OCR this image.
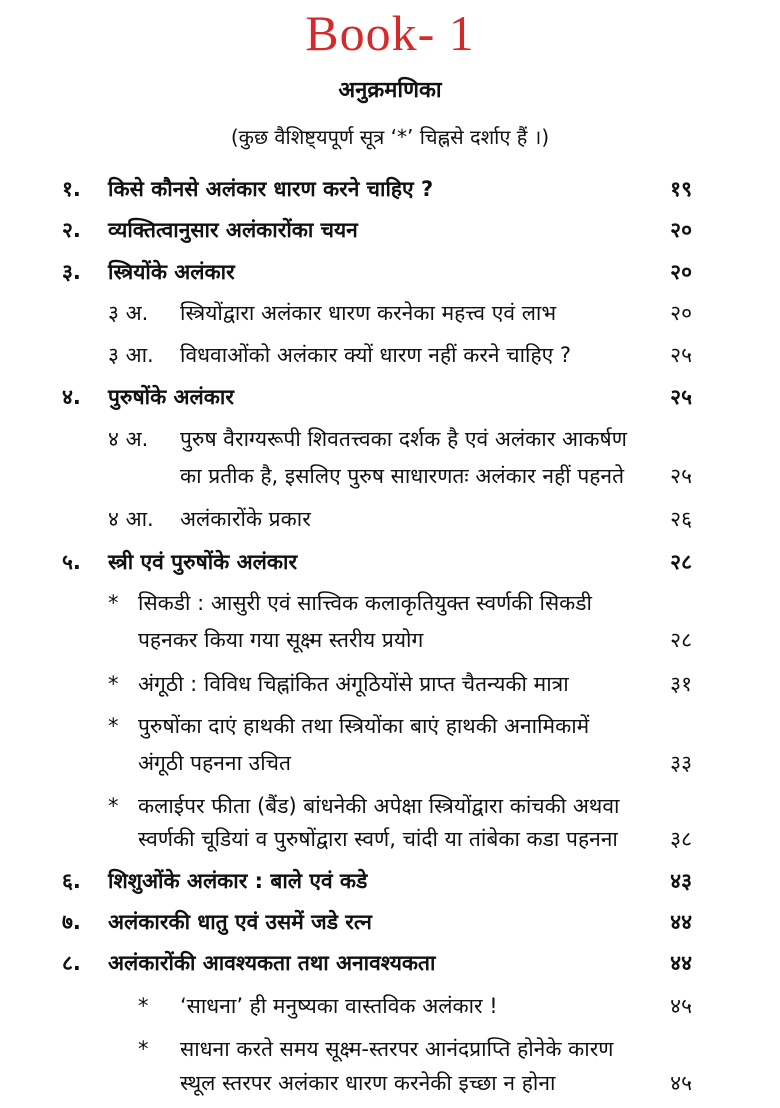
Book- 1
अनुक्रमणिका
(कुछ वैशिष्ट्यपूर्ण सूत्र ‘*’ चिह्नसे दर्शाए हैं ।)
१. किसे कौनसे अलंकार धारण करने चाहिए ?	१९
२. व्यक्तित्वानुसार अलंकारोंका चयन	२०
३. स्त्रियोंके अलंकार	२०
३ अ. स्त्रियोंद्वारा अलंकार धारण करनेका महत्त्व एवं लाभ	२०
३ आ. विधवाओंको अलंकार क्यों धारण नहीं करने चाहिए ?	२५
४. पुरुषोंके अलंकार	२५
४ अ. पुरुष वैराग्यरूपी शिवतत्त्वका दर्शक है एवं अलंकार आकर्षण
का प्रतीक है, इसलिए पुरुष साधारणतः अलंकार नहीं पहनते	२५
४ आ. अलंकारोंके प्रकार	२६
५. स्त्री एवं पुरुषोंके अलंकार	२८
* सिकडी : आसुरी एवं सात्त्विक कलाकृतियुक्त स्वर्णकी सिकडी
पहनकर किया गया सूक्ष्म स्तरीय प्रयोग	२८
* अंगूठी : विविध चिह्नांकित अंगूठियोंसे प्राप्त चैतन्यकी मात्रा	३१
* पुरुषोंका दाएं हाथकी तथा स्त्रियोंका बाएं हाथकी अनामिकामें
अंगूठी पहनना उचित	३३
* कलाईपर फीता (बैंड) बांधनेकी अपेक्षा स्त्रियोंद्वारा कांचकी अथवा
स्वर्णकी चूडियां व पुरुषोंद्वारा स्वर्ण, चांदी या तांबेका कडा पहनना	३८
६. शिशुओंके अलंकार : बाले एवं कडे	४३
७. अलंकारकी धातु एवं उसमें जडे रत्न	४४
८. अलंकारोंकी आवश्यकता तथा अनावश्यकता	४४
* ‘साधना’ ही मनुष्यका वास्तविक अलंकार !	४५
* साधना करते समय सूक्ष्म-स्तरपर आनंदप्राप्ति होनेके कारण
स्थूल स्तरपर अलंकार धारण करनेकी इच्छा न होना	४५
